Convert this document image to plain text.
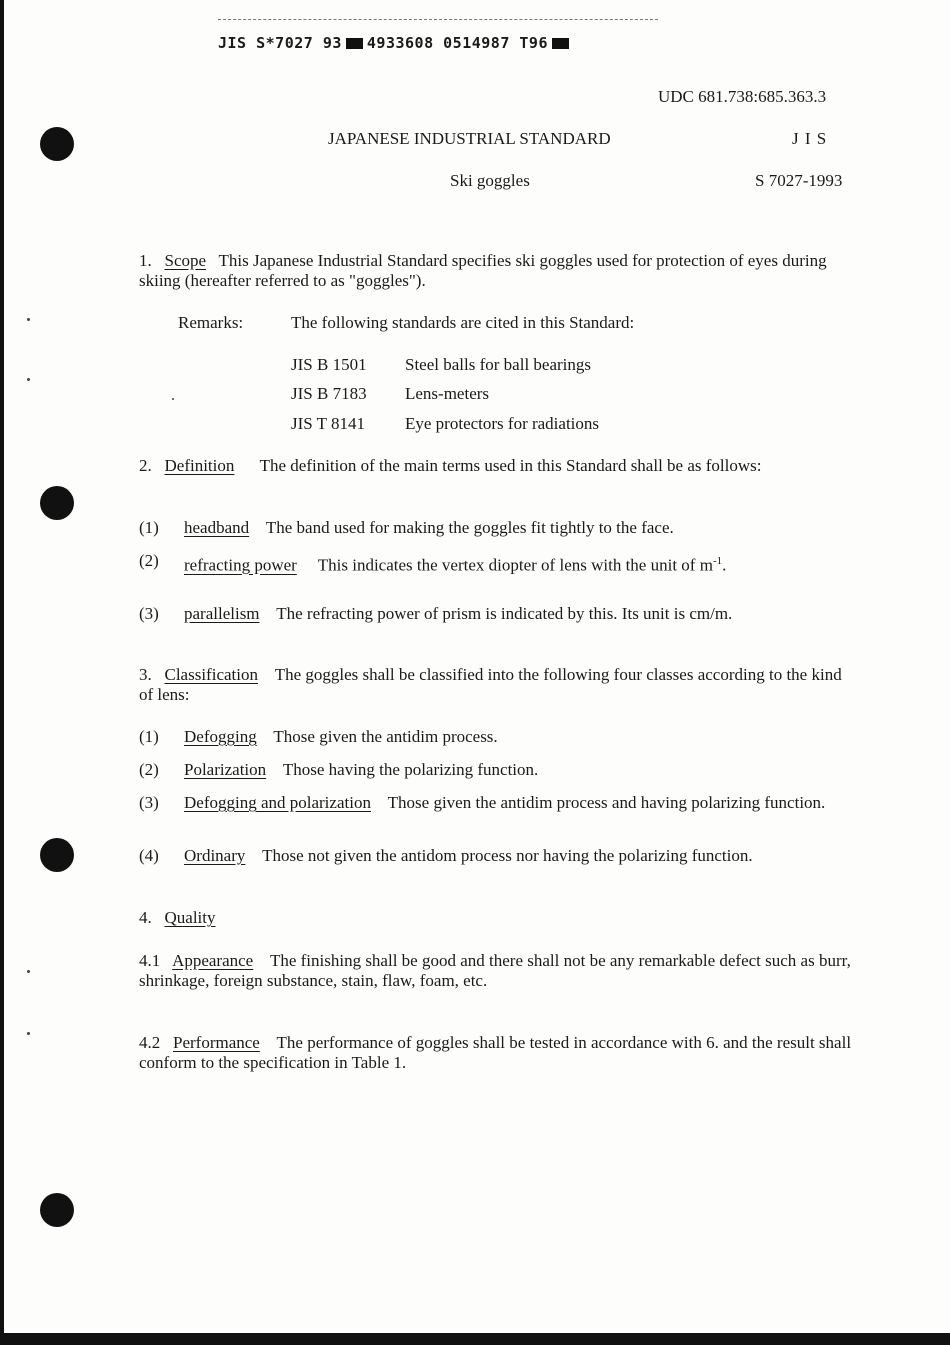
JIS S*7027 93 4933608 0514987 T96
UDC 681.738:685.363.3
JAPANESE INDUSTRIAL STANDARD	J I S
Ski goggles	S 7027-1993
1. Scope This Japanese Industrial Standard specifies ski goggles used for protection of eyes during skiing (hereafter referred to as "goggles").
Remarks:	The following standards are cited in this Standard:
JIS B 1501 Steel balls for ball bearings
JIS B 7183 Lens-meters
JIS T 8141 Eye protectors for radiations
2. Definition The definition of the main terms used in this Standard shall be as follows:
(1) headband The band used for making the goggles fit tightly to the face.
(2) refracting power This indicates the vertex diopter of lens with the unit of $m^{-1}$.
(3) parallelism The refracting power of prism is indicated by this. Its unit is cm/m.
3. Classification The goggles shall be classified into the following four classes according to the kind of lens:
(1) Defogging Those given the antidim process.
(2) Polarization Those having the polarizing function.
(3) Defogging and polarization Those given the antidim process and having polarizing function.
(4) Ordinary Those not given the antidom process nor having the polarizing function.
4. Quality
4.1 Appearance The finishing shall be good and there shall not be any remarkable defect such as burr, shrinkage, foreign substance, stain, flaw, foam, etc.
4.2 Performance The performance of goggles shall be tested in accordance with 6. and the result shall conform to the specification in Table 1.
